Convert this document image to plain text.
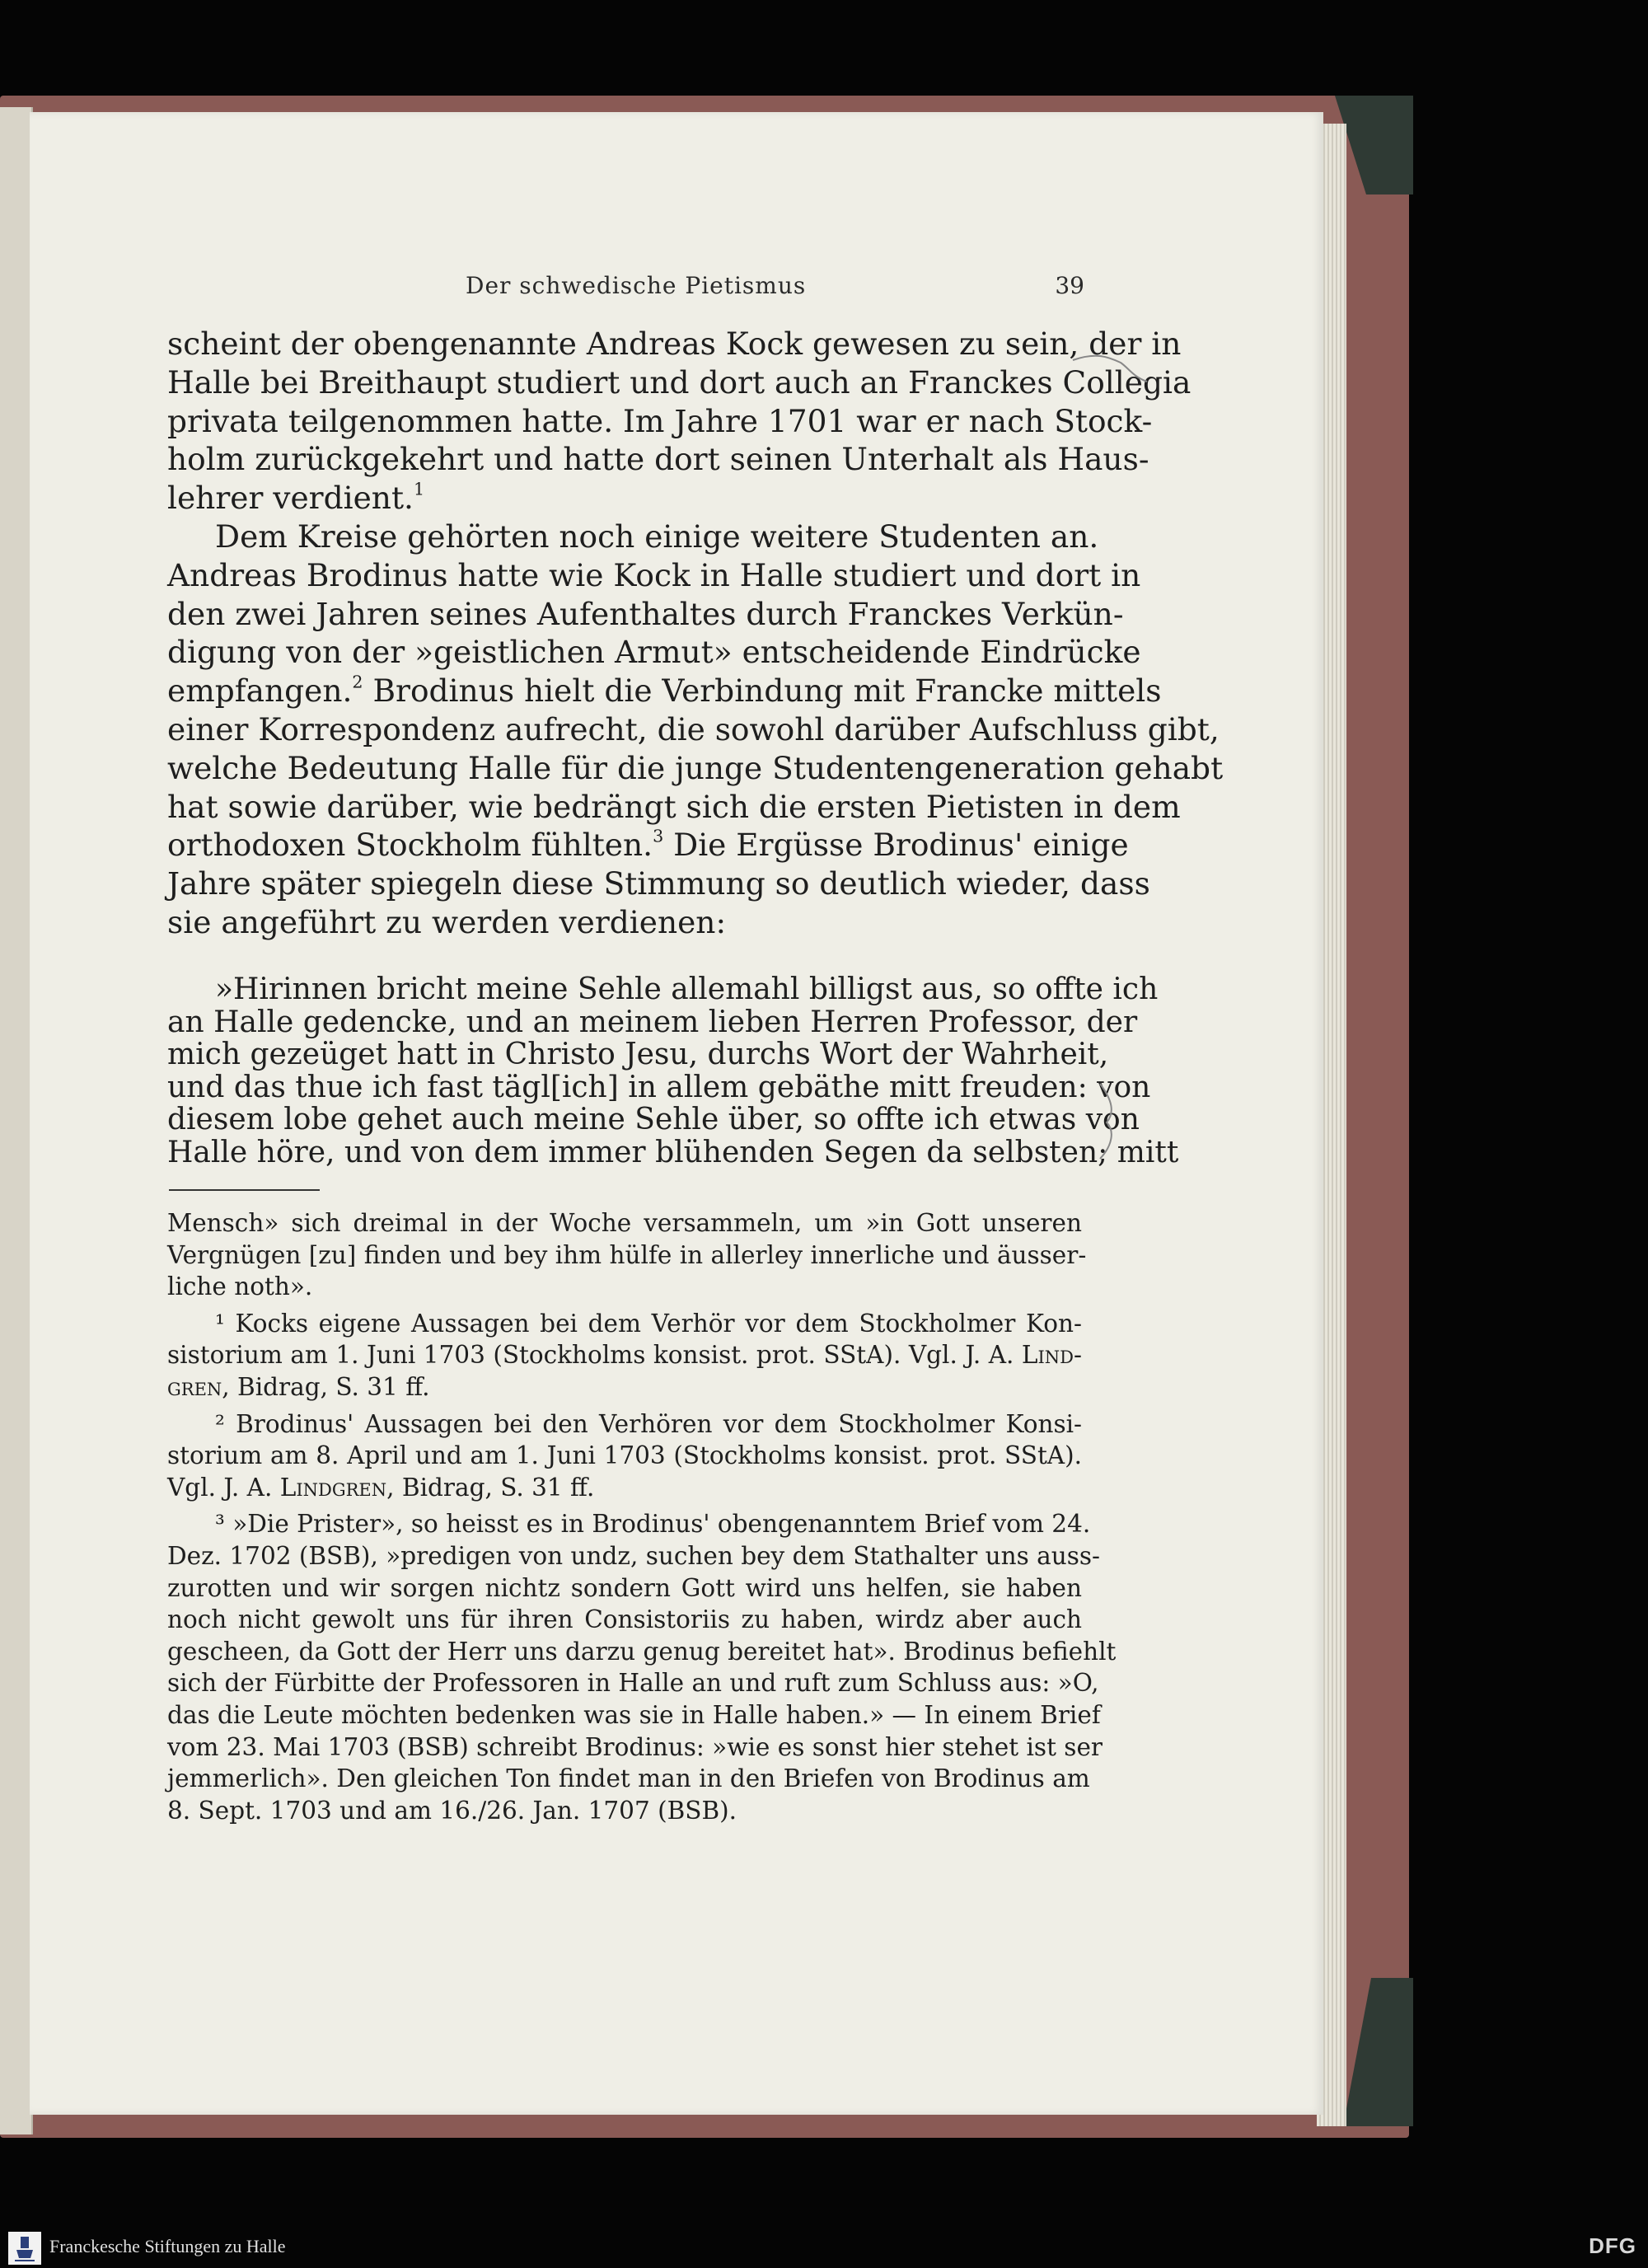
Der schwedische Pietismus	39
scheint der obengenannte Andreas Kock gewesen zu sein, der in
Halle bei Breithaupt studiert und dort auch an Franckes Collegia
privata teilgenommen hatte. Im Jahre 1701 war er nach Stock-
holm zurückgekehrt und hatte dort seinen Unterhalt als Haus-
lehrer verdient.$^1$
Dem Kreise gehörten noch einige weitere Studenten an.
Andreas Brodinus hatte wie Kock in Halle studiert und dort in
den zwei Jahren seines Aufenthaltes durch Franckes Verkün-
digung von der »geistlichen Armut» entscheidende Eindrücke
empfangen.$^2$ Brodinus hielt die Verbindung mit Francke mittels
einer Korrespondenz aufrecht, die sowohl darüber Aufschluss gibt,
welche Bedeutung Halle für die junge Studentengeneration gehabt
hat sowie darüber, wie bedrängt sich die ersten Pietisten in dem
orthodoxen Stockholm fühlten.$^3$ Die Ergüsse Brodinus' einige
Jahre später spiegeln diese Stimmung so deutlich wieder, dass
sie angeführt zu werden verdienen:
»Hirinnen bricht meine Sehle allemahl billigst aus, so offte ich
an Halle gedencke, und an meinem lieben Herren Professor, der
mich gezeüget hatt in Christo Jesu, durchs Wort der Wahrheit,
und das thue ich fast tägl[ich] in allem gebäthe mitt freuden: von
diesem lobe gehet auch meine Sehle über, so offte ich etwas von
Halle höre, und von dem immer blühenden Segen da selbsten; mitt
Mensch» sich dreimal in der Woche versammeln, um »in Gott unseren
Vergnügen [zu] finden und bey ihm hülfe in allerley innerliche und äusser-
liche noth».
¹ Kocks eigene Aussagen bei dem Verhör vor dem Stockholmer Kon-
sistorium am 1. Juni 1703 (Stockholms konsist. prot. SStA). Vgl. J. A. Lind-
gren, Bidrag, S. 31 ff.
² Brodinus' Aussagen bei den Verhören vor dem Stockholmer Konsi-
storium am 8. April und am 1. Juni 1703 (Stockholms konsist. prot. SStA).
Vgl. J. A. Lindgren, Bidrag, S. 31 ff.
³ »Die Prister», so heisst es in Brodinus' obengenanntem Brief vom 24.
Dez. 1702 (BSB), »predigen von undz, suchen bey dem Stathalter uns auss-
zurotten und wir sorgen nichtz sondern Gott wird uns helfen, sie haben
noch nicht gewolt uns für ihren Consistoriis zu haben, wirdz aber auch
gescheen, da Gott der Herr uns darzu genug bereitet hat». Brodinus befiehlt
sich der Fürbitte der Professoren in Halle an und ruft zum Schluss aus: »O,
das die Leute möchten bedenken was sie in Halle haben.» — In einem Brief
vom 23. Mai 1703 (BSB) schreibt Brodinus: »wie es sonst hier stehet ist ser
jemmerlich». Den gleichen Ton findet man in den Briefen von Brodinus am
8. Sept. 1703 und am 16./26. Jan. 1707 (BSB).
Franckesche Stiftungen zu Halle	DFG
